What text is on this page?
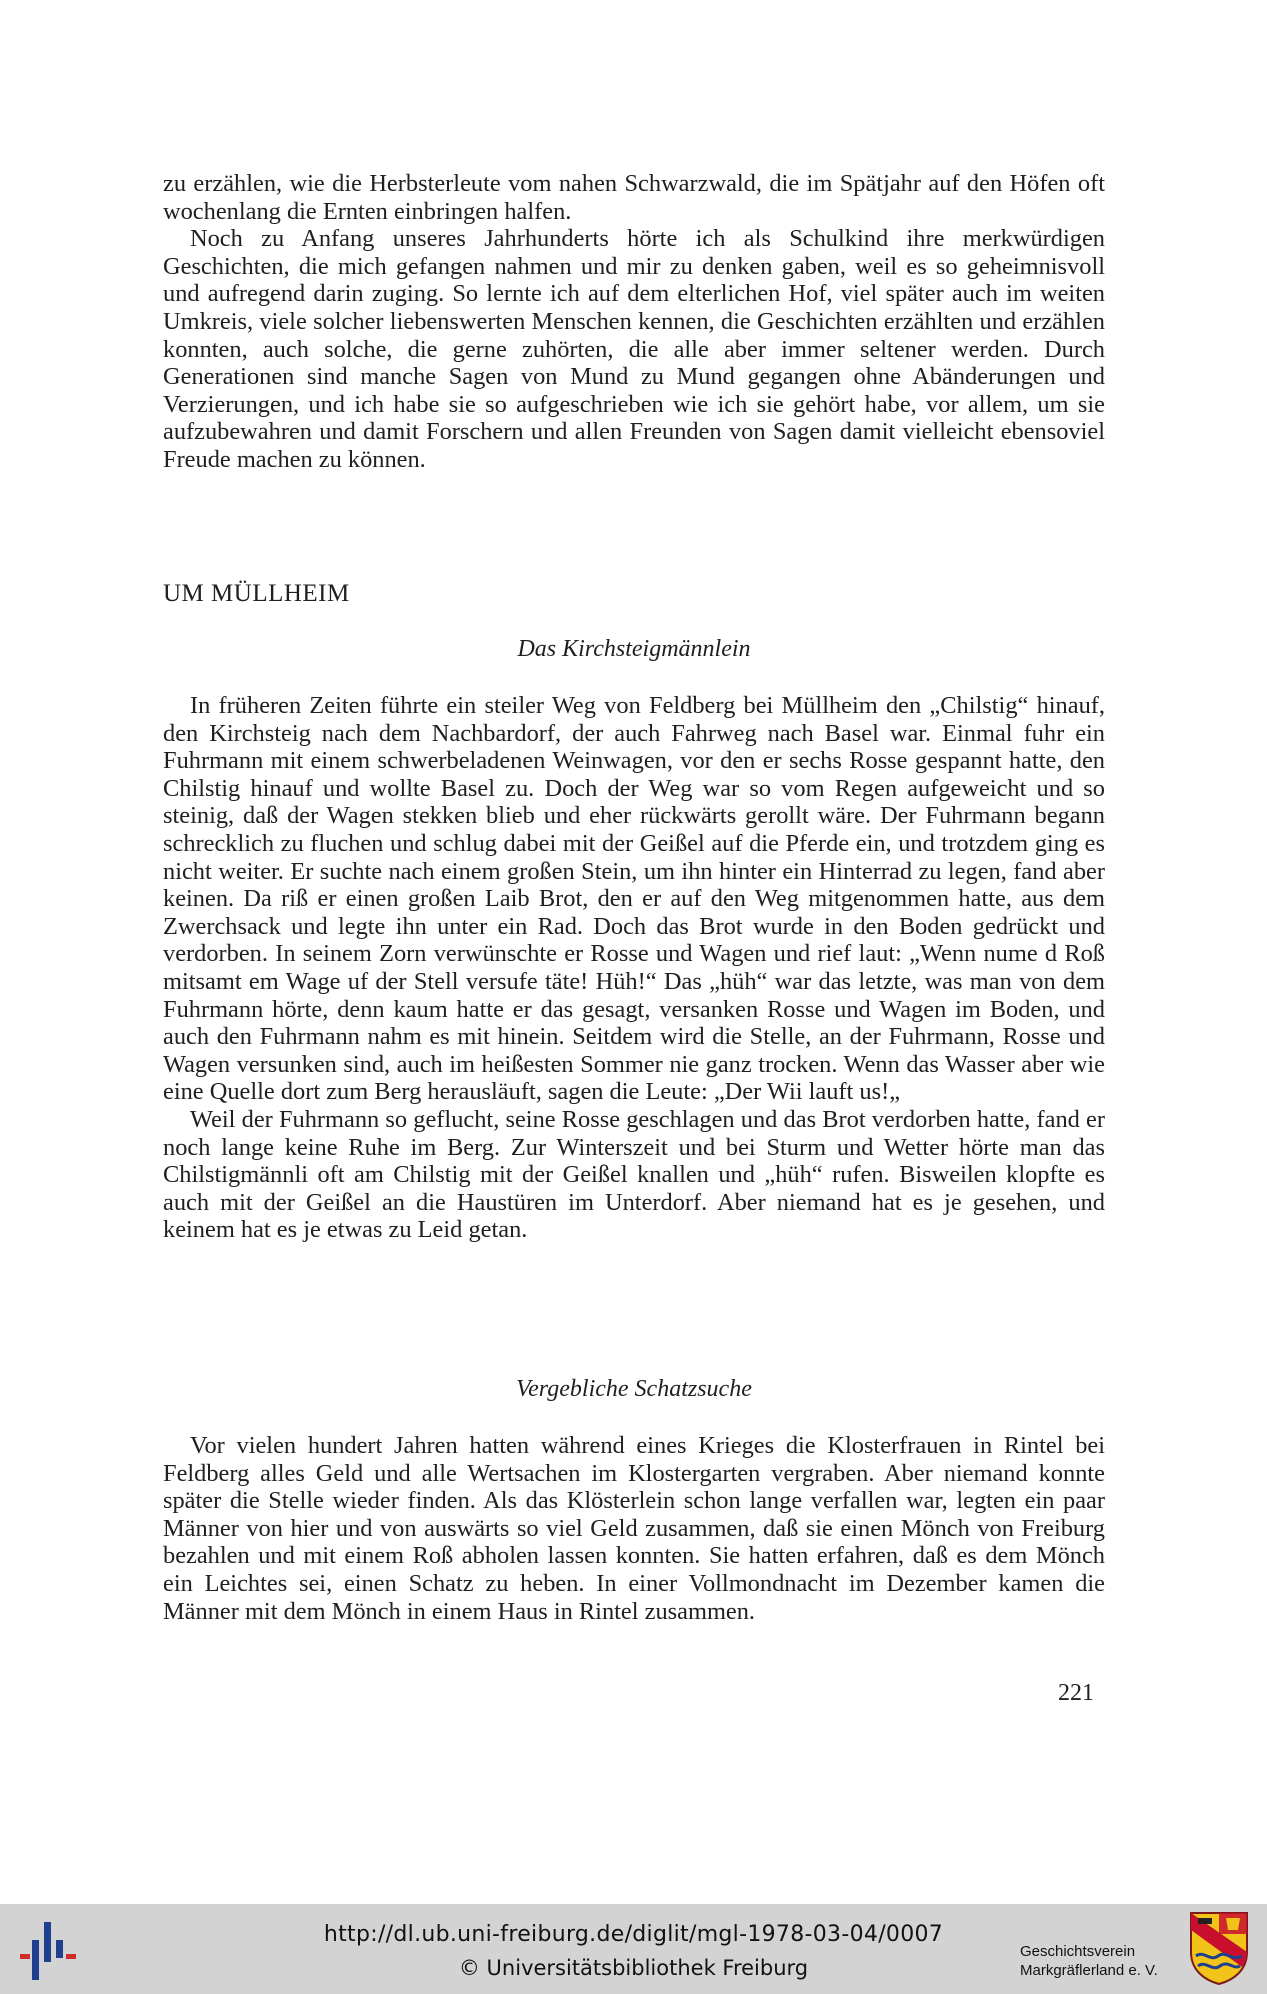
zu erzählen, wie die Herbsterleute vom nahen Schwarzwald, die im Spätjahr auf den Höfen oft wochenlang die Ernten einbringen halfen.

Noch zu Anfang unseres Jahrhunderts hörte ich als Schulkind ihre merkwürdigen Geschichten, die mich gefangen nahmen und mir zu denken gaben, weil es so geheimnisvoll und aufregend darin zuging. So lernte ich auf dem elterlichen Hof, viel später auch im weiten Umkreis, viele solcher liebenswerten Menschen kennen, die Geschichten erzählten und erzählen konnten, auch solche, die gerne zuhörten, die alle aber immer seltener werden. Durch Generationen sind manche Sagen von Mund zu Mund gegangen ohne Abänderungen und Verzierungen, und ich habe sie so aufgeschrieben wie ich sie gehört habe, vor allem, um sie aufzubewahren und damit Forschern und allen Freunden von Sagen damit vielleicht ebensoviel Freude machen zu können.

UM MÜLLHEIM
Das Kirchsteigmännlein

In früheren Zeiten führte ein steiler Weg von Feldberg bei Müllheim den „Chilstig“ hinauf, den Kirchsteig nach dem Nachbardorf, der auch Fahrweg nach Basel war. Einmal fuhr ein Fuhrmann mit einem schwerbeladenen Weinwagen, vor den er sechs Rosse gespannt hatte, den Chilstig hinauf und wollte Basel zu. Doch der Weg war so vom Regen aufgeweicht und so steinig, daß der Wagen stekken blieb und eher rückwärts gerollt wäre. Der Fuhrmann begann schrecklich zu fluchen und schlug dabei mit der Geißel auf die Pferde ein, und trotzdem ging es nicht weiter. Er suchte nach einem großen Stein, um ihn hinter ein Hinterrad zu legen, fand aber keinen. Da riß er einen großen Laib Brot, den er auf den Weg mitgenommen hatte, aus dem Zwerchsack und legte ihn unter ein Rad. Doch das Brot wurde in den Boden gedrückt und verdorben. In seinem Zorn verwünschte er Rosse und Wagen und rief laut: „Wenn nume d Roß mitsamt em Wage uf der Stell versufe täte! Hüh!“ Das „hüh“ war das letzte, was man von dem Fuhrmann hörte, denn kaum hatte er das gesagt, versanken Rosse und Wagen im Boden, und auch den Fuhrmann nahm es mit hinein. Seitdem wird die Stelle, an der Fuhrmann, Rosse und Wagen versunken sind, auch im heißesten Sommer nie ganz trocken. Wenn das Wasser aber wie eine Quelle dort zum Berg herausläuft, sagen die Leute: „Der Wii lauft us!„

Weil der Fuhrmann so geflucht, seine Rosse geschlagen und das Brot verdorben hatte, fand er noch lange keine Ruhe im Berg. Zur Winterszeit und bei Sturm und Wetter hörte man das Chilstigmännli oft am Chilstig mit der Geißel knallen und „hüh“ rufen. Bisweilen klopfte es auch mit der Geißel an die Haustüren im Unterdorf. Aber niemand hat es je gesehen, und keinem hat es je etwas zu Leid getan.

Vergebliche Schatzsuche

Vor vielen hundert Jahren hatten während eines Krieges die Klosterfrauen in Rintel bei Feldberg alles Geld und alle Wertsachen im Klostergarten vergraben. Aber niemand konnte später die Stelle wieder finden. Als das Klösterlein schon lange verfallen war, legten ein paar Männer von hier und von auswärts so viel Geld zusammen, daß sie einen Mönch von Freiburg bezahlen und mit einem Roß abholen lassen konnten. Sie hatten erfahren, daß es dem Mönch ein Leichtes sei, einen Schatz zu heben. In einer Vollmondnacht im Dezember kamen die Männer mit dem Mönch in einem Haus in Rintel zusammen.

221
http://dl.ub.uni-freiburg.de/diglit/mgl-1978-03-04/0007
© Universitätsbibliothek Freiburg
Geschichtsverein
Markgräflerland e. V.
